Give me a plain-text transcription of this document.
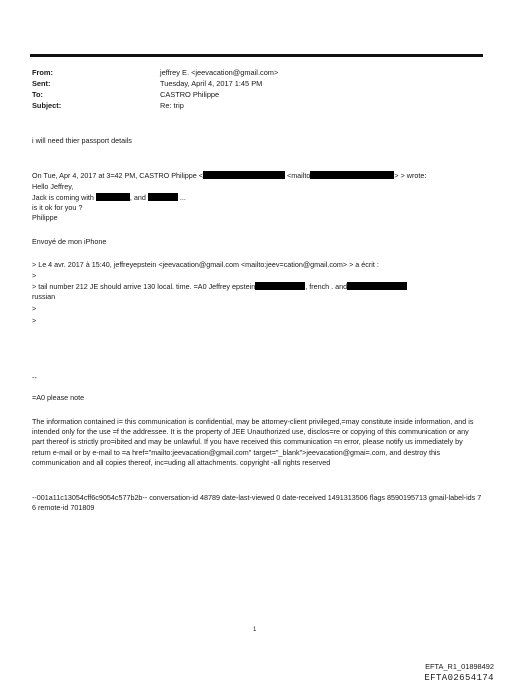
From:	jeffrey E. <jeevacation@gmail.com>
Sent:	Tuesday, April 4, 2017 1:45 PM
To:	CASTRO Philippe
Subject:	Re: trip
i will need thier passport details
On Tue, Apr 4, 2017 at 3=42 PM, CASTRO Philippe <	<mailto	> > wrote:
Hello Jeffrey,
Jack is coming with	, and	...
is it ok for you ?
Philippe
Envoyé de mon iPhone
> Le 4 avr. 2017 à 15:40, jeffreyepstein <jeevacation@gmail.com <mailto:jeev=cation@gmail.com> > a écrit :
>
> tail number 212 JE should arrive 130 local. time. =A0 Jeffrey epstein	, french . and
russian
>
>
--
=A0 please note
The information contained i= this communication is confidential, may be attorney-client privileged,=may constitute inside information, and is intended only for the use =f the addressee. It is the property of JEE Unauthorized use, disclos=re or copying of this communication or any part thereof is strictly pro=ibited and may be unlawful. If you have received this communication =n error, please notify us immediately by return e-mail or by e-mail to =a href="mailto:jeevacation@gmail.com" target="_blank">jeevacation@gmai=.com, and destroy this communication and all copies thereof, inc=uding all attachments. copyright -all rights reserved
--001a11c13054cff6c9054c577b2b-- conversation-id 48789 date-last-viewed 0 date-received 1491313506 flags 8590195713 gmail-label-ids 7 6 remote-id 701809
1
EFTA_R1_01898492
EFTA02654174
